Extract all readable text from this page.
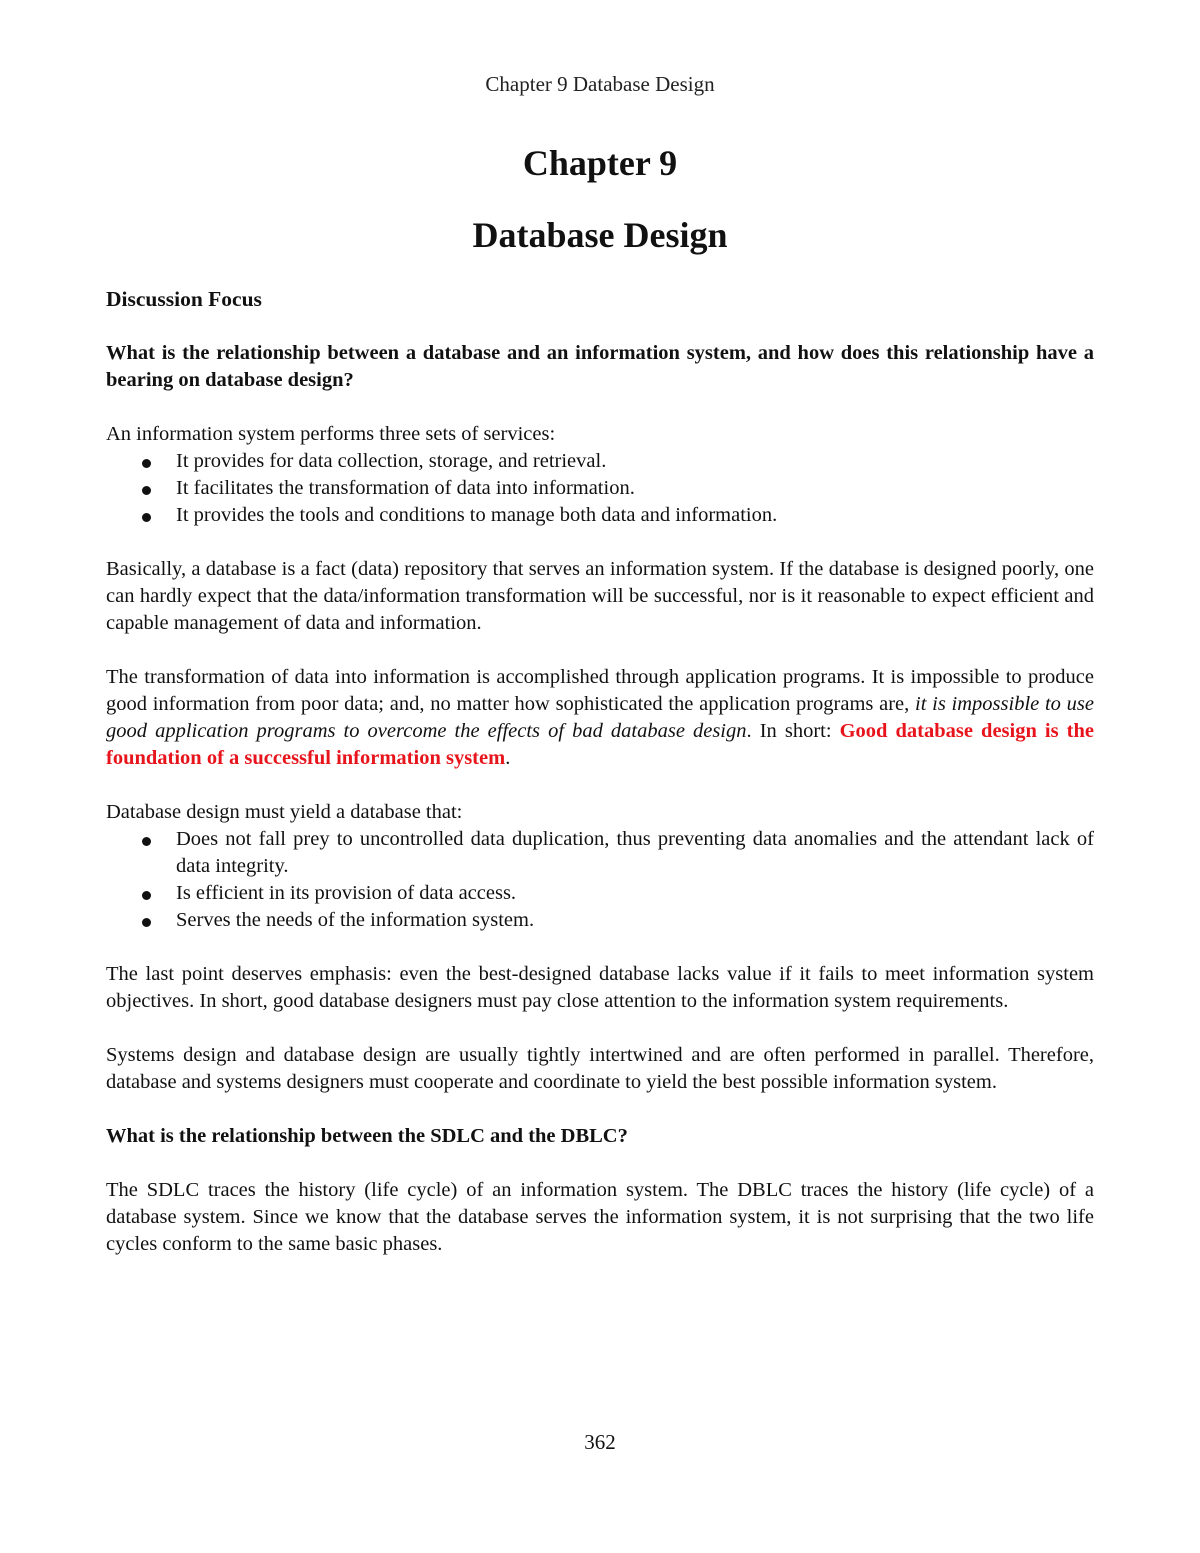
Chapter 9 Database Design
Chapter 9
Database Design

Discussion Focus

What is the relationship between a database and an information system, and how does this relationship have a bearing on database design?

An information system performs three sets of services:

It provides for data collection, storage, and retrieval.
It facilitates the transformation of data into information.
It provides the tools and conditions to manage both data and information.

Basically, a database is a fact (data) repository that serves an information system. If the database is designed poorly, one can hardly expect that the data/information transformation will be successful, nor is it reasonable to expect efficient and capable management of data and information.

The transformation of data into information is accomplished through application programs. It is impossible to produce good information from poor data; and, no matter how sophisticated the application programs are, it is impossible to use good application programs to overcome the effects of bad database design. In short: Good database design is the foundation of a successful information system.

Database design must yield a database that:

Does not fall prey to uncontrolled data duplication, thus preventing data anomalies and the attendant lack of data integrity.
Is efficient in its provision of data access.
Serves the needs of the information system.

The last point deserves emphasis: even the best-designed database lacks value if it fails to meet information system objectives. In short, good database designers must pay close attention to the information system requirements.

Systems design and database design are usually tightly intertwined and are often performed in parallel. Therefore, database and systems designers must cooperate and coordinate to yield the best possible information system.

What is the relationship between the SDLC and the DBLC?

The SDLC traces the history (life cycle) of an information system. The DBLC traces the history (life cycle) of a database system. Since we know that the database serves the information system, it is not surprising that the two life cycles conform to the same basic phases.

362
